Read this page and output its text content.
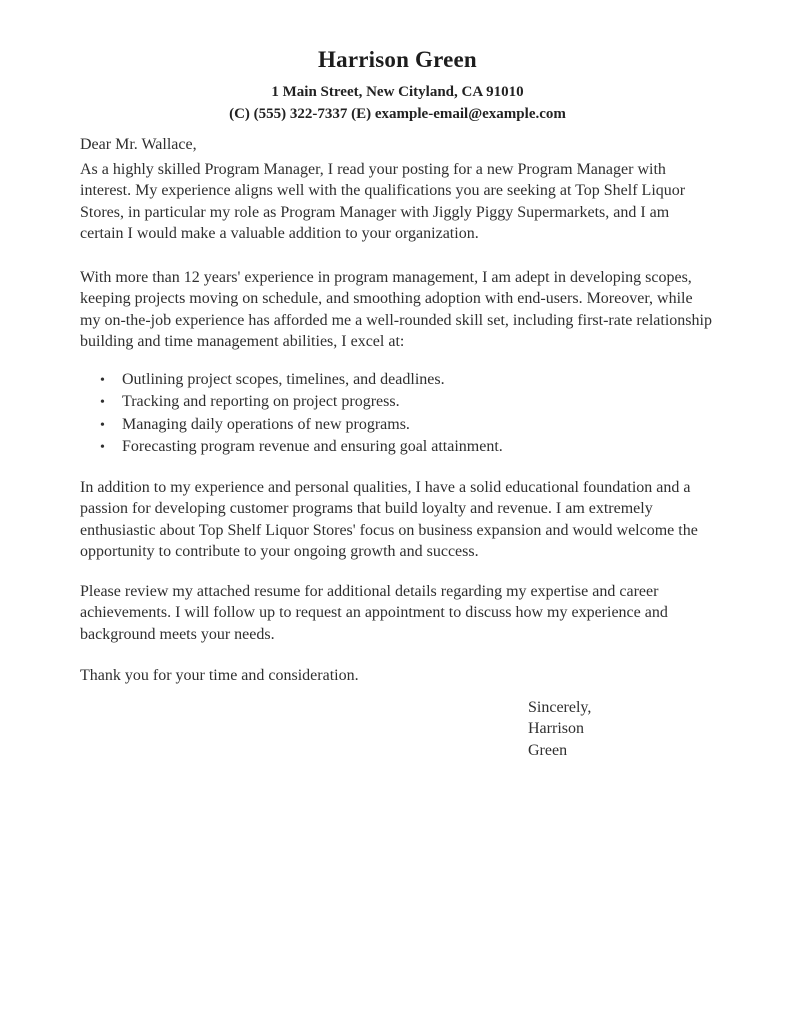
Harrison Green
1 Main Street, New Cityland, CA 91010
(C) (555) 322-7337 (E) example-email@example.com

Dear Mr. Wallace,

As a highly skilled Program Manager, I read your posting for a new Program Manager with interest. My experience aligns well with the qualifications you are seeking at Top Shelf Liquor Stores, in particular my role as Program Manager with Jiggly Piggy Supermarkets, and I am certain I would make a valuable addition to your organization.

With more than 12 years' experience in program management, I am adept in developing scopes, keeping projects moving on schedule, and smoothing adoption with end-users. Moreover, while my on-the-job experience has afforded me a well-rounded skill set, including first-rate relationship building and time management abilities, I excel at:

•	Outlining project scopes, timelines, and deadlines.
•	Tracking and reporting on project progress.
•	Managing daily operations of new programs.
•	Forecasting program revenue and ensuring goal attainment.

In addition to my experience and personal qualities, I have a solid educational foundation and a passion for developing customer programs that build loyalty and revenue. I am extremely enthusiastic about Top Shelf Liquor Stores' focus on business expansion and would welcome the opportunity to contribute to your ongoing growth and success.

Please review my attached resume for additional details regarding my expertise and career achievements. I will follow up to request an appointment to discuss how my experience and background meets your needs.

Thank you for your time and consideration.

Sincerely,

Harrison

Green
